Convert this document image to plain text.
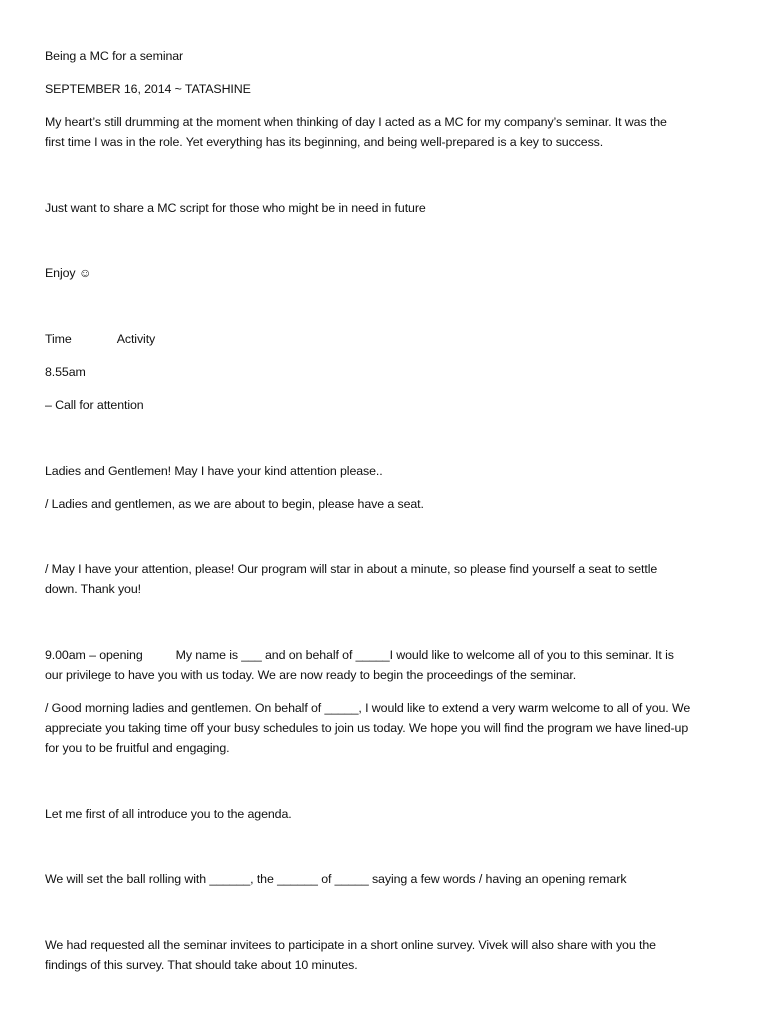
Being a MC for a seminar
SEPTEMBER 16, 2014 ~ TATASHINE
My heart’s still drumming at the moment when thinking of day I acted as a MC for my company’s seminar. It was the
first time I was in the role. Yet everything has its beginning, and being well-prepared is a key to success.
Just want to share a MC script for those who might be in need in future
Enjoy ☺
Time	Activity
8.55am
– Call for attention
Ladies and Gentlemen! May I have your kind attention please..
/ Ladies and gentlemen, as we are about to begin, please have a seat.
/ May I have your attention, please! Our program will star in about a minute, so please find yourself a seat to settle
down. Thank you!
9.00am – opening	My name is ___ and on behalf of _____I would like to welcome all of you to this seminar. It is
our privilege to have you with us today. We are now ready to begin the proceedings of the seminar.
/ Good morning ladies and gentlemen. On behalf of _____, I would like to extend a very warm welcome to all of you. We
appreciate you taking time off your busy schedules to join us today. We hope you will find the program we have lined-up
for you to be fruitful and engaging.
Let me first of all introduce you to the agenda.
We will set the ball rolling with ______, the ______ of _____ saying a few words / having an opening remark
We had requested all the seminar invitees to participate in a short online survey. Vivek will also share with you the
findings of this survey. That should take about 10 minutes.
